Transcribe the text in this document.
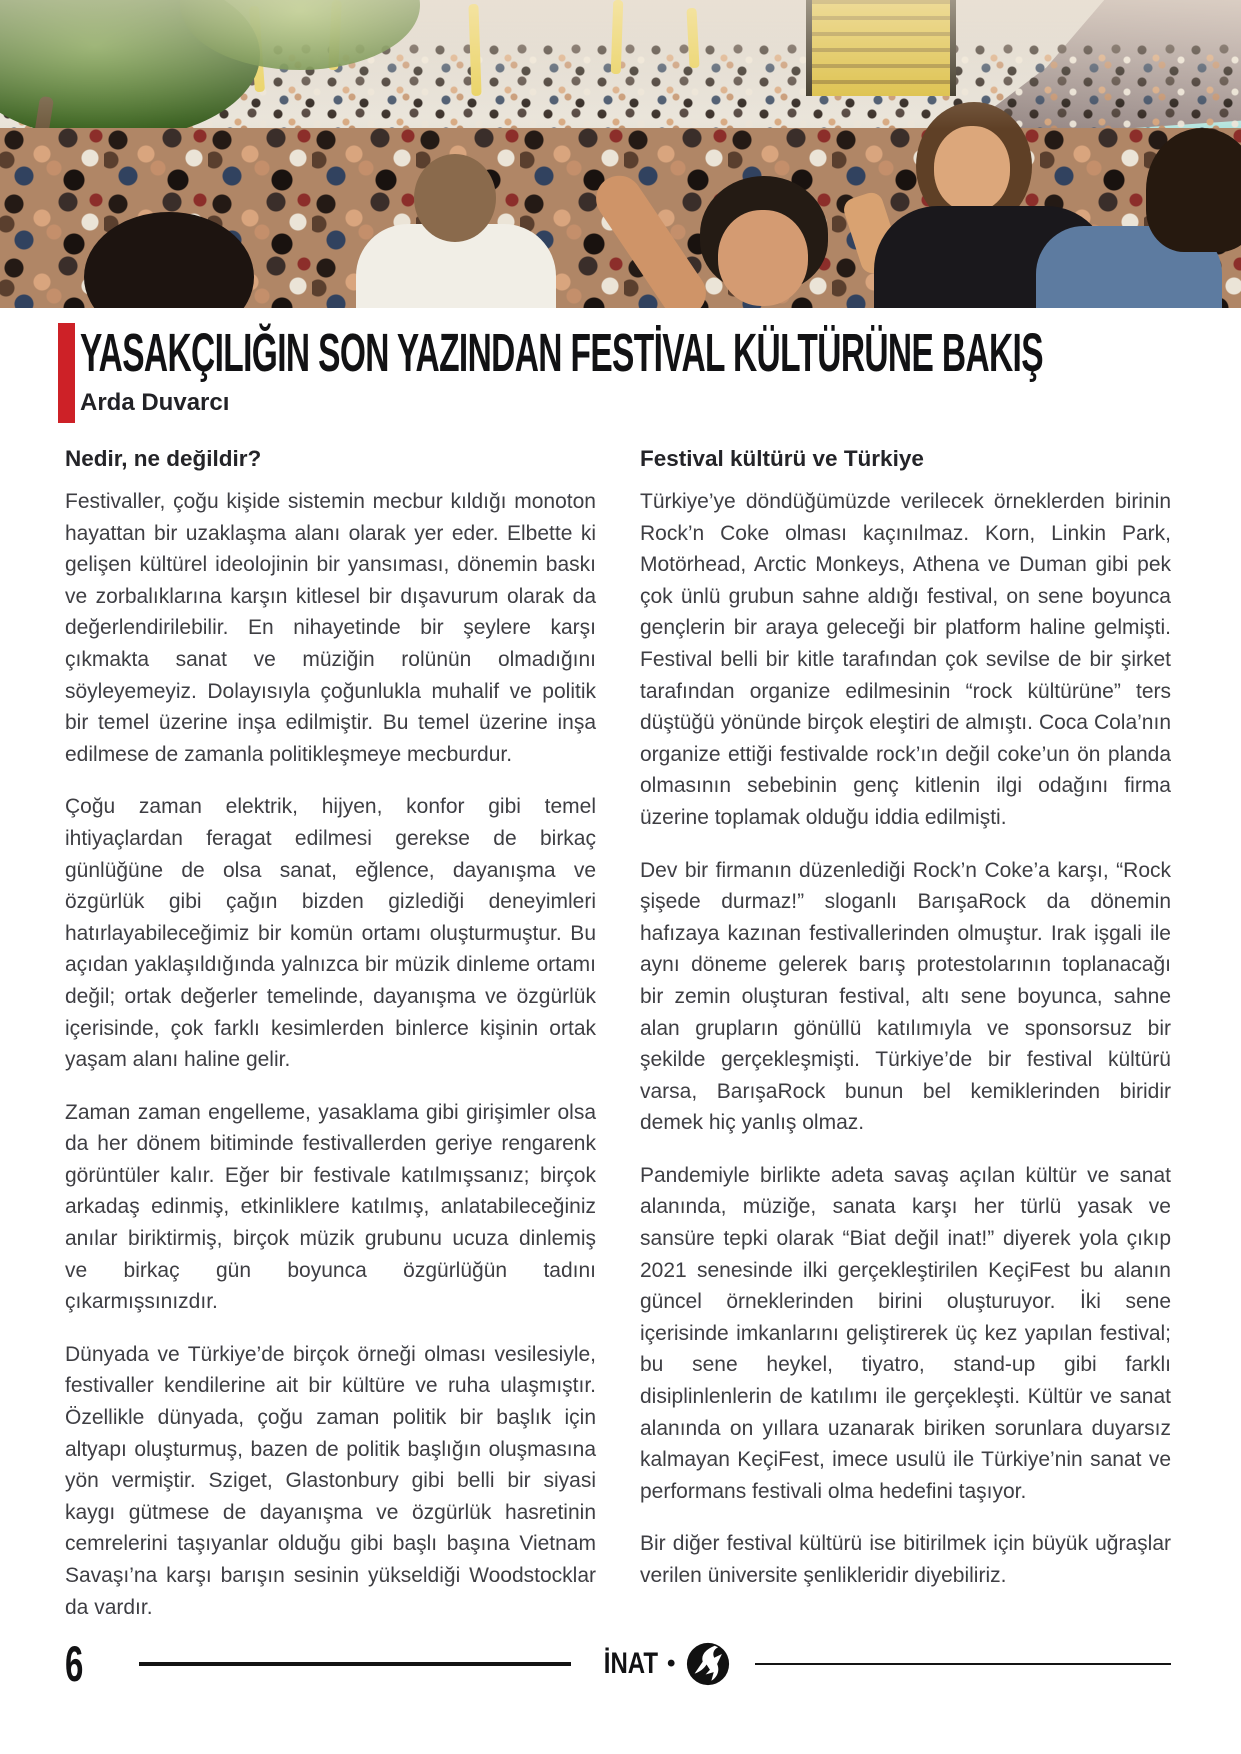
YASAKÇILIĞIN SON YAZINDAN FESTİVAL KÜLTÜRÜNE BAKIŞ
Arda Duvarcı
Nedir, ne değildir?

Festivaller, çoğu kişide sistemin mecbur kıldığı monoton hayattan bir uzaklaşma alanı olarak yer eder. Elbette ki gelişen kültürel ideolojinin bir yansıması, dönemin baskı ve zorbalıklarına karşın kitlesel bir dışavurum olarak da değerlendirilebilir. En nihayetinde bir şeylere karşı çıkmakta sanat ve müziğin rolünün olmadığını söyleyemeyiz. Dolayısıyla çoğunlukla muhalif ve politik bir temel üzerine inşa edilmiştir. Bu temel üzerine inşa edilmese de zamanla politikleşmeye mecburdur.

Çoğu zaman elektrik, hijyen, konfor gibi temel ihtiyaçlardan feragat edilmesi gerekse de birkaç günlüğüne de olsa sanat, eğlence, dayanışma ve özgürlük gibi çağın bizden gizlediği deneyimleri hatırlayabileceğimiz bir komün ortamı oluşturmuştur. Bu açıdan yaklaşıldığında yalnızca bir müzik dinleme ortamı değil; ortak değerler temelinde, dayanışma ve özgürlük içerisinde, çok farklı kesimlerden binlerce kişinin ortak yaşam alanı haline gelir.

Zaman zaman engelleme, yasaklama gibi girişimler olsa da her dönem bitiminde festivallerden geriye rengarenk görüntüler kalır. Eğer bir festivale katılmışsanız; birçok arkadaş edinmiş, etkinliklere katılmış, anlatabileceğiniz anılar biriktirmiş, birçok müzik grubunu ucuza dinlemiş ve birkaç gün boyunca özgürlüğün tadını çıkarmışsınızdır.

Dünyada ve Türkiye’de birçok örneği olması vesilesiyle, festivaller kendilerine ait bir kültüre ve ruha ulaşmıştır. Özellikle dünyada, çoğu zaman politik bir başlık için altyapı oluşturmuş, bazen de politik başlığın oluşmasına yön vermiştir. Sziget, Glastonbury gibi belli bir siyasi kaygı gütmese de dayanışma ve özgürlük hasretinin cemrelerini taşıyanlar olduğu gibi başlı başına Vietnam Savaşı’na karşı barışın sesinin yükseldiği Woodstocklar da vardır.

Festival kültürü ve Türkiye

Türkiye’ye döndüğümüzde verilecek örneklerden birinin Rock’n Coke olması kaçınılmaz. Korn, Linkin Park, Motörhead, Arctic Monkeys, Athena ve Duman gibi pek çok ünlü grubun sahne aldığı festival, on sene boyunca gençlerin bir araya geleceği bir platform haline gelmişti. Festival belli bir kitle tarafından çok sevilse de bir şirket tarafından organize edilmesinin “rock kültürüne” ters düştüğü yönünde birçok eleştiri de almıştı. Coca Cola’nın organize ettiği festivalde rock’ın değil coke’un ön planda olmasının sebebinin genç kitlenin ilgi odağını firma üzerine toplamak olduğu iddia edilmişti.

Dev bir firmanın düzenlediği Rock’n Coke’a karşı, “Rock şişede durmaz!” sloganlı BarışaRock da dönemin hafızaya kazınan festivallerinden olmuştur. Irak işgali ile aynı döneme gelerek barış protestolarının toplanacağı bir zemin oluşturan festival, altı sene boyunca, sahne alan grupların gönüllü katılımıyla ve sponsorsuz bir şekilde gerçekleşmişti. Türkiye’de bir festival kültürü varsa, BarışaRock bunun bel kemiklerinden biridir demek hiç yanlış olmaz.

Pandemiyle birlikte adeta savaş açılan kültür ve sanat alanında, müziğe, sanata karşı her türlü yasak ve sansüre tepki olarak “Biat değil inat!” diyerek yola çıkıp 2021 senesinde ilki gerçekleştirilen KeçiFest bu alanın güncel örneklerinden birini oluşturuyor. İki sene içerisinde imkanlarını geliştirerek üç kez yapılan festival; bu sene heykel, tiyatro, stand-up gibi farklı disiplinlenlerin de katılımı ile gerçekleşti. Kültür ve sanat alanında on yıllara uzanarak biriken sorunlara duyarsız kalmayan KeçiFest, imece usulü ile Türkiye’nin sanat ve performans festivali olma hedefini taşıyor.

Bir diğer festival kültürü ise bitirilmek için büyük uğraşlar verilen üniversite şenlikleridir diyebiliriz.

6	İNAT •
